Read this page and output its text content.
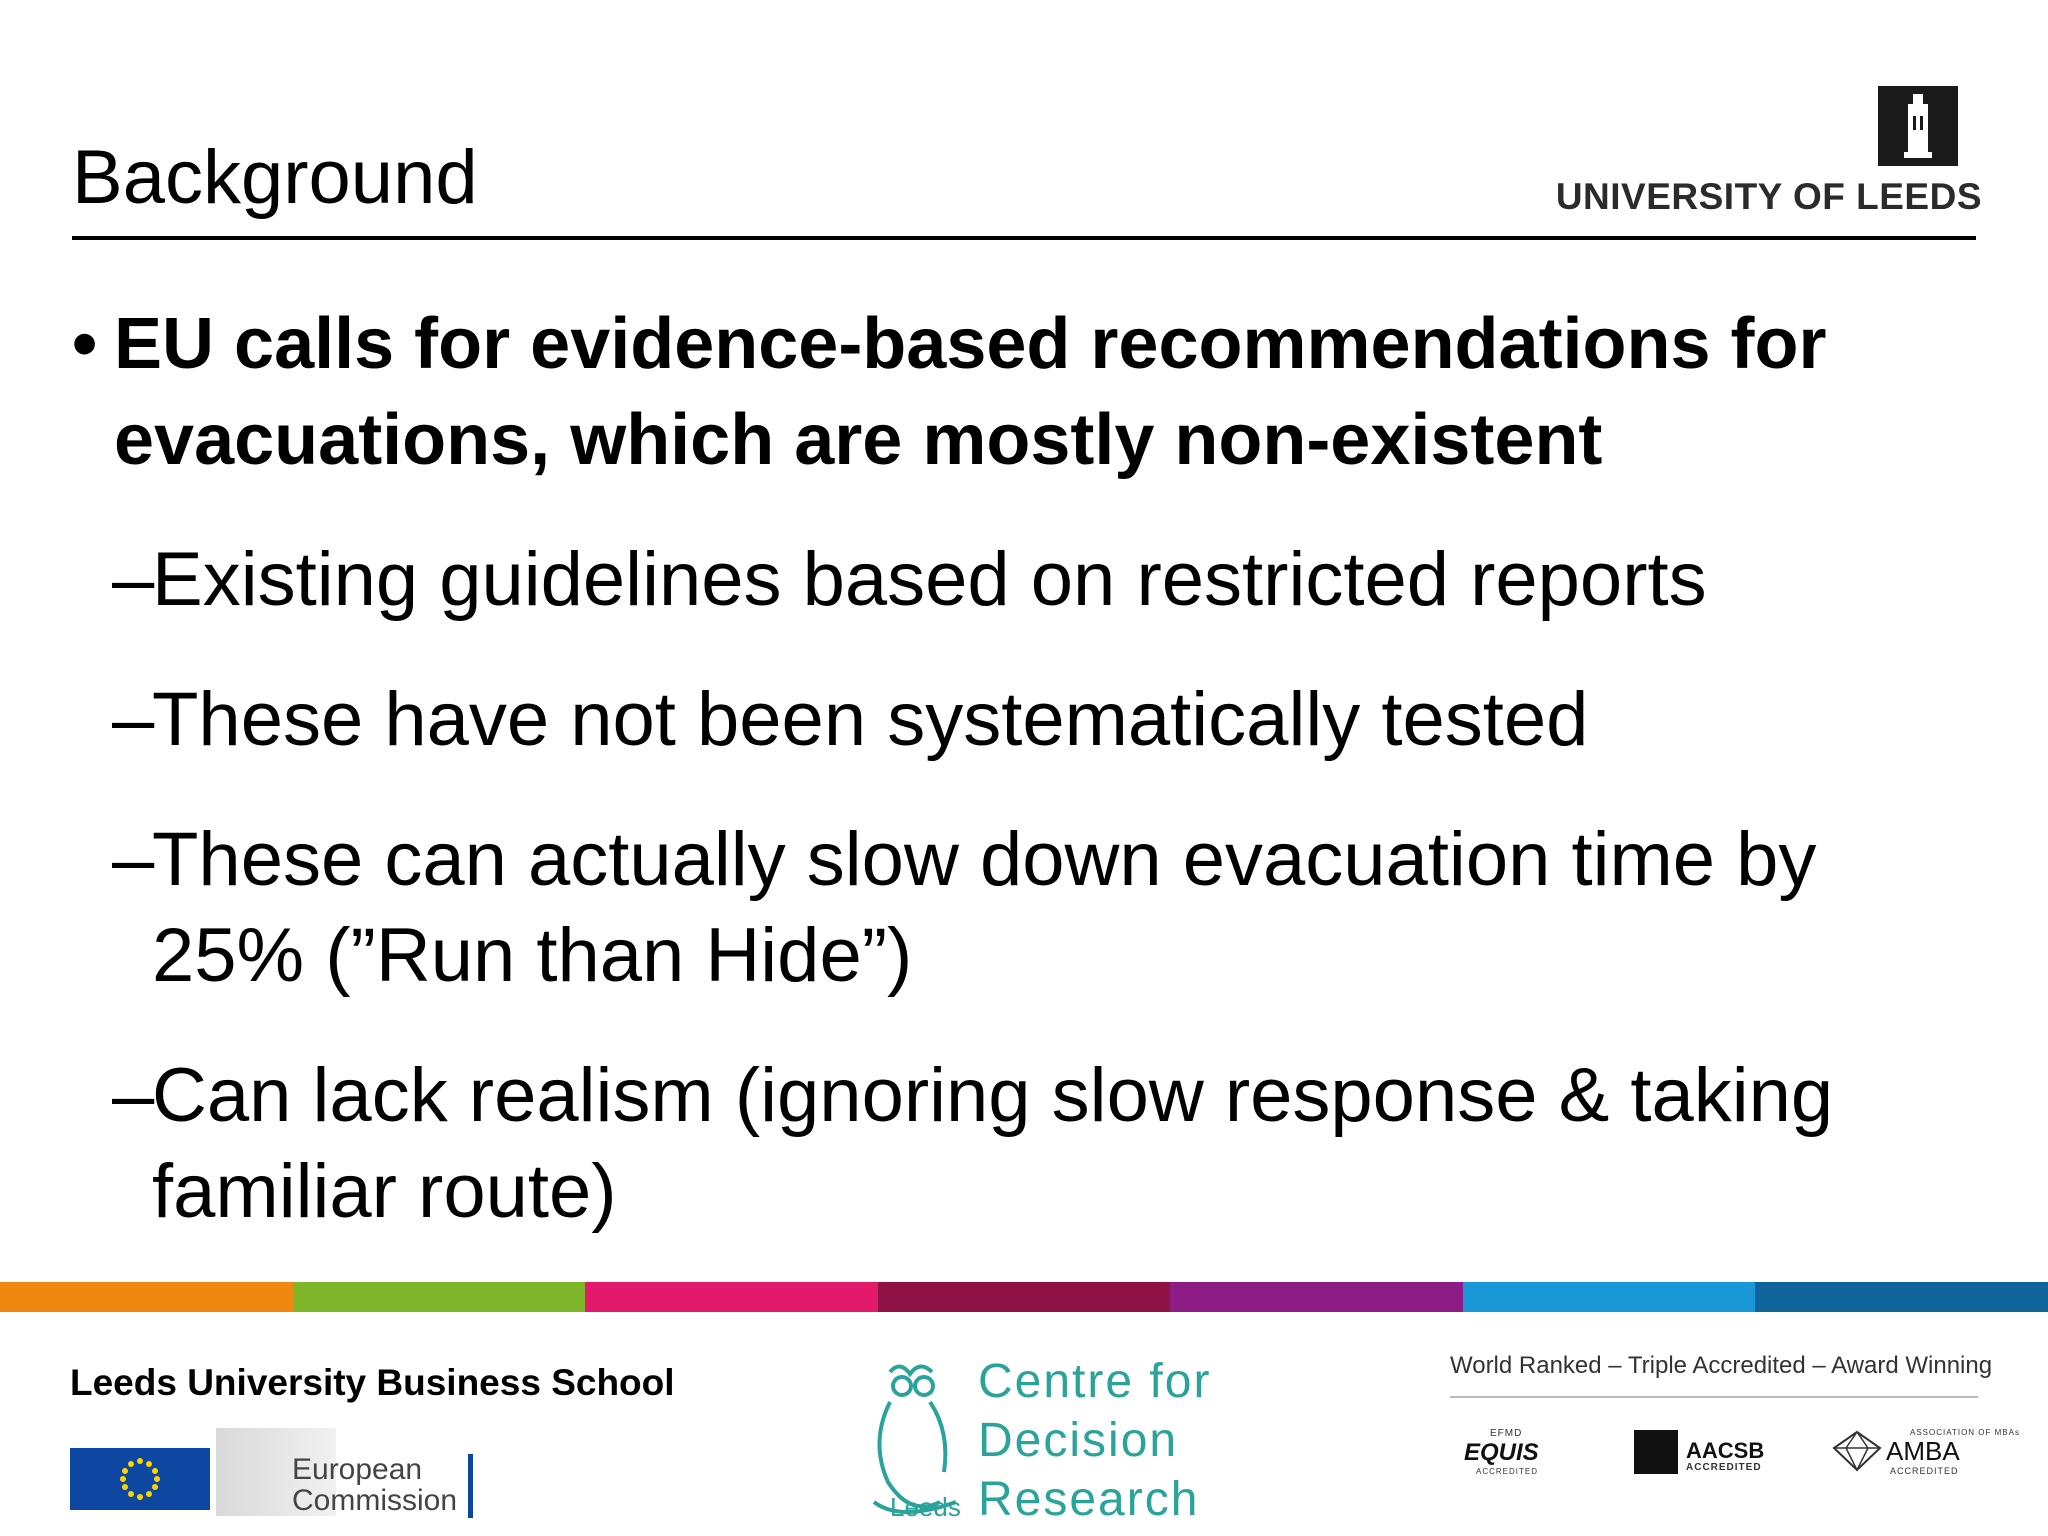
Background	UNIVERSITY OF LEEDS
• EU calls for evidence-based recommendations for evacuations, which are mostly non-existent
–
Existing guidelines based on restricted reports
–
These have not been systematically tested
–
These can actually slow down evacuation time by 25% (”Run than Hide”)
–
Can lack realism (ignoring slow response & taking familiar route)
Leeds University Business School
European
Commission
Centre for
Decision
Research
Leeds
World Ranked – Triple Accredited – Award Winning
EFMD
EQUIS
ACCREDITED
AACSB
ACCREDITED
ASSOCIATION OF MBAs
AMBA
ACCREDITED
